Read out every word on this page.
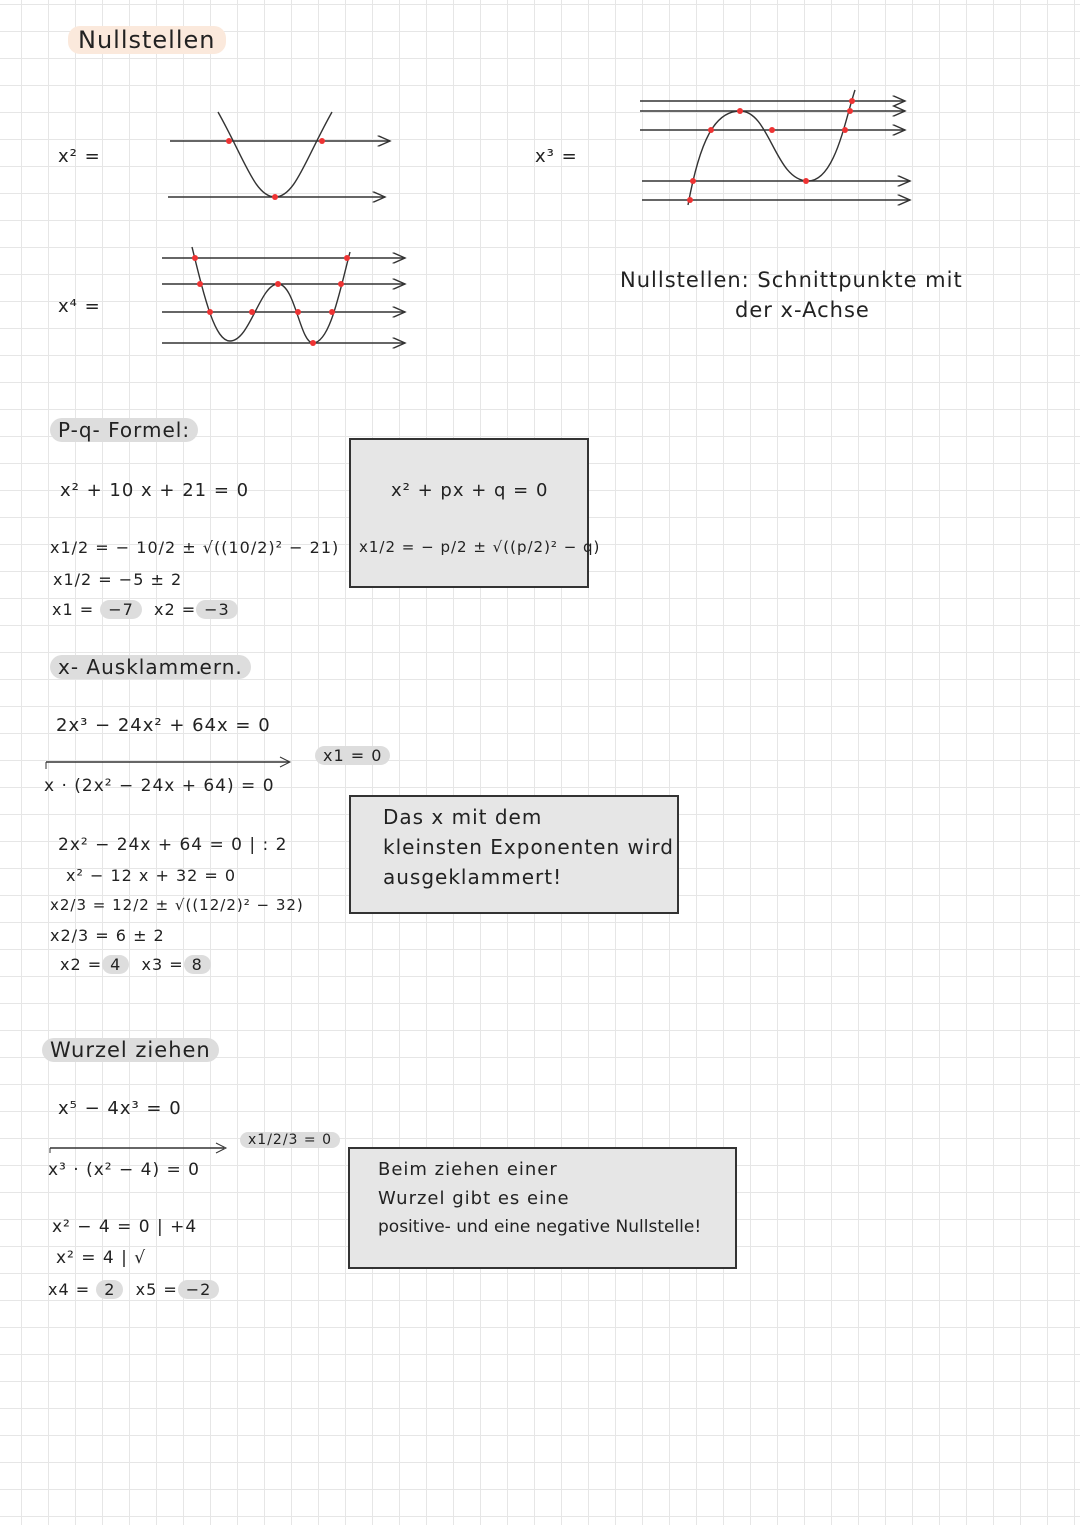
Nullstellen
x² =
x⁴ =
x³ =
Nullstellen: Schnittpunkte mit
der x-Achse
P-q- Formel:
x² + 10 x + 21 = 0
x1/2 = − 10/2 ± √((10/2)² − 21)
x1/2 = −5 ± 2
x1 = −7 x2 = −3
x² + px + q = 0
x1/2 = − p/2 ± √((p/2)² − q)
x- Ausklammern.
2x³ − 24x² + 64x = 0
x1 = 0
x · (2x² − 24x + 64) = 0
2x² − 24x + 64 = 0 | : 2
x² − 12 x + 32 = 0
x2/3 = 12/2 ± √((12/2)² − 32)
x2/3 = 6 ± 2
x2 = 4 x3 = 8
Das x mit dem
kleinsten Exponenten wird
ausgeklammert!
Wurzel ziehen
x⁵ − 4x³ = 0
x1/2/3 = 0
x³ · (x² − 4) = 0
x² − 4 = 0 | +4
x² = 4 | √
x4 = 2 x5 = −2
Beim ziehen einer
Wurzel gibt es eine
positive- und eine negative Nullstelle!
